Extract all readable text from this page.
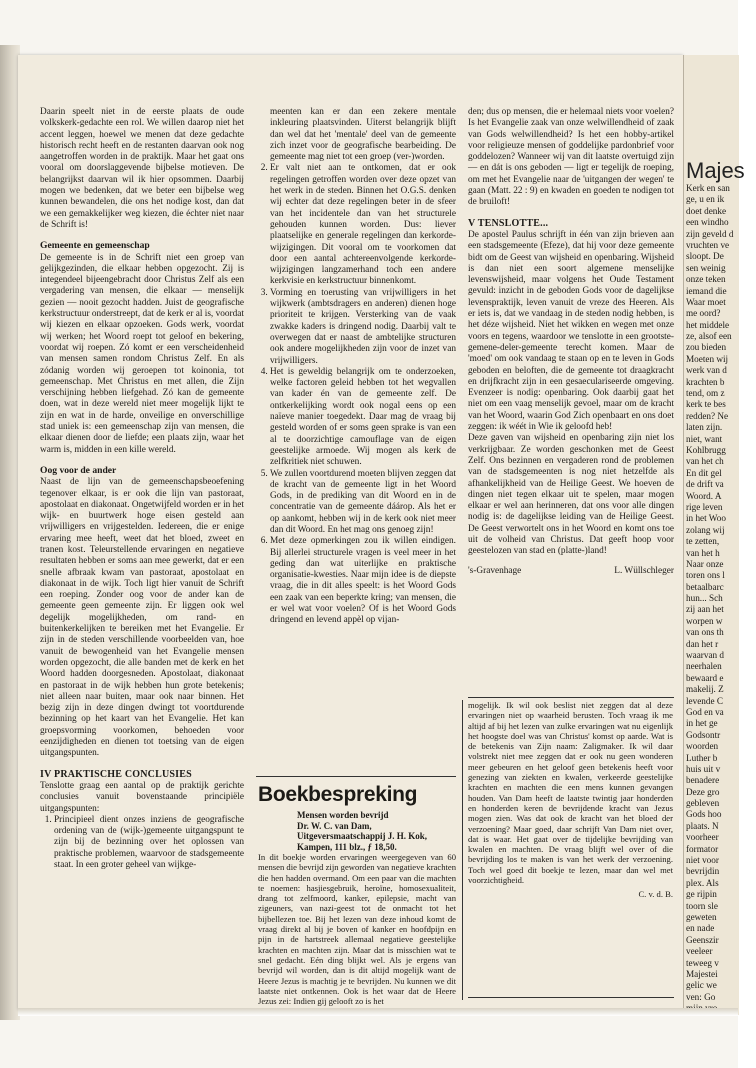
Daarin speelt niet in de eerste plaats de oude volkskerk-gedachte een rol. We willen daarop niet het accent leggen, hoewel we menen dat deze gedachte historisch recht heeft en de restanten daarvan ook nog aangetroffen worden in de praktijk. Maar het gaat ons vooral om doorslaggevende bijbelse motieven. De belangrijkst daarvan wil ik hier opsommen. Daarbij mogen we bedenken, dat we beter een bijbelse weg kunnen bewandelen, die ons het nodige kost, dan dat we een gemakkelijker weg kiezen, die échter niet naar de Schrift is!

Gemeente en gemeenschap

De gemeente is in de Schrift niet een groep van gelijkgezinden, die elkaar hebben opgezocht. Zij is integendeel bijeengebracht door Christus Zelf als een vergadering van mensen, die elkaar — menselijk gezien — nooit gezocht hadden. Juist de geografische kerkstructuur onderstreept, dat de kerk er al is, voordat wij kiezen en elkaar opzoeken. Gods werk, voordat wij werken; het Woord roept tot geloof en bekering, voordat wij roepen. Zó komt er een verscheidenheid van mensen samen rondom Christus Zelf. En als zódanig worden wij geroepen tot koinonia, tot gemeenschap. Met Christus en met allen, die Zijn verschijning hebben liefgehad. Zó kan de gemeente doen, wat in deze wereld niet meer mogelijk lijkt te zijn en wat in de harde, onveilige en onverschillige stad uniek is: een gemeenschap zijn van mensen, die elkaar dienen door de liefde; een plaats zijn, waar het warm is, midden in een kille wereld.

Oog voor de ander

Naast de lijn van de gemeenschapsbeoefening tegenover elkaar, is er ook die lijn van pastoraat, apostolaat en diakonaat. Ongetwijfeld worden er in het wijk- en buurtwerk hoge eisen gesteld aan vrijwilligers en vrijgestelden. Iedereen, die er enige ervaring mee heeft, weet dat het bloed, zweet en tranen kost. Teleurstellende ervaringen en negatieve resultaten hebben er soms aan mee gewerkt, dat er een snelle afbraak kwam van pastoraat, apostolaat en diakonaat in de wijk. Toch ligt hier vanuit de Schrift een roeping. Zonder oog voor de ander kan de gemeente geen gemeente zijn. Er liggen ook wel degelijk mogelijkheden, om rand- en buitenkerkelijken te bereiken met het Evangelie. Er zijn in de steden verschillende voorbeelden van, hoe vanuit de bewogenheid van het Evangelie mensen worden opgezocht, die alle banden met de kerk en het Woord hadden doorgesneden. Apostolaat, diakonaat en pastoraat in de wijk hebben hun grote betekenis; niet alleen naar buiten, maar ook naar binnen. Het bezig zijn in deze dingen dwingt tot voortdurende bezinning op het kaart van het Evangelie. Het kan groepsvorming voorkomen, behoeden voor eenzijdigheden en dienen tot toetsing van de eigen uitgangspunten.

IV PRAKTISCHE CONCLUSIES

Tenslotte graag een aantal op de praktijk gerichte conclusies vanuit bovenstaande principiële uitgangspunten:

1. Principieel dient onzes inziens de geografische ordening van de (wijk-)gemeente uitgangspunt te zijn bij de bezinning over het oplossen van praktische problemen, waarvoor de stadsgemeente staat. In een groter geheel van wijkge-

meenten kan er dan een zekere mentale inkleuring plaatsvinden. Uiterst belangrijk blijft dan wel dat het 'mentale' deel van de gemeente zich inzet voor de geografische bearbeiding. De gemeente mag niet tot een groep (ver-)worden.

2. Er valt niet aan te ontkomen, dat er ook regelingen getroffen worden over deze opzet van het werk in de steden. Binnen het O.G.S. denken wij echter dat deze regelingen beter in de sfeer van het incidentele dan van het structurele gehouden kunnen worden. Dus: liever plaatselijke en generale regelingen dan kerkorde-wijzigingen. Dit vooral om te voorkomen dat door een aantal achtereenvolgende kerkorde-wijzigingen langzamerhand toch een andere kerkvisie en kerkstructuur binnenkomt.
3. Vorming en toerusting van vrijwilligers in het wijkwerk (ambtsdragers en anderen) dienen hoge prioriteit te krijgen. Versterking van de vaak zwakke kaders is dringend nodig. Daarbij valt te overwegen dat er naast de ambtelijke structuren ook andere mogelijkheden zijn voor de inzet van vrijwilligers.
4. Het is geweldig belangrijk om te onderzoeken, welke factoren geleid hebben tot het wegvallen van kader én van de gemeente zelf. De ontkerkelijking wordt ook nogal eens op een naïeve manier toegedekt. Daar mag de vraag bij gesteld worden of er soms geen sprake is van een al te doorzichtige camouflage van de eigen geestelijke armoede. Wij mogen als kerk de zelfkritiek niet schuwen.
5. We zullen voortdurend moeten blijven zeggen dat de kracht van de gemeente ligt in het Woord Gods, in de prediking van dit Woord en in de concentratie van de gemeente dáárop. Als het er op aankomt, hebben wij in de kerk ook niet meer dan dit Woord. En het mag ons genoeg zijn!
6. Met deze opmerkingen zou ik willen eindigen. Bij allerlei structurele vragen is veel meer in het geding dan wat uiterlijke en praktische organisatie-kwesties. Naar mijn idee is de diepste vraag, die in dit alles speelt: is het Woord Gods een zaak van een beperkte kring; van mensen, die er wel wat voor voelen? Of is het Woord Gods dringend en levend appèl op vijan-

den; dus op mensen, die er helemaal niets voor voelen? Is het Evangelie zaak van onze welwillendheid of zaak van Gods welwillendheid? Is het een hobby-artikel voor religieuze mensen of goddelijke pardonbrief voor goddelozen? Wanneer wij van dit laatste overtuigd zijn — en dát is ons geboden — ligt er tegelijk de roeping, om met het Evangelie naar de 'uitgangen der wegen' te gaan (Matt. 22 : 9) en kwaden en goeden te nodigen tot de bruiloft!

V TENSLOTTE...

De apostel Paulus schrijft in één van zijn brieven aan een stadsgemeente (Efeze), dat hij voor deze gemeente bidt om de Geest van wijsheid en openbaring. Wijsheid is dan niet een soort algemene menselijke levenswijsheid, maar volgens het Oude Testament gevuld: inzicht in de geboden Gods voor de dagelijkse levenspraktijk, leven vanuit de vreze des Heeren. Als er iets is, dat we vandaag in de steden nodig hebben, is het déze wijsheid. Niet het wikken en wegen met onze voors en tegens, waardoor we tenslotte in een grootste-gemene-deler-gemeente terecht komen. Maar de 'moed' om ook vandaag te staan op en te leven in Gods geboden en beloften, die de gemeente tot draagkracht en drijfkracht zijn in een gesaeculariseerde omgeving. Evenzeer is nodig: openbaring. Ook daarbij gaat het niet om een vaag menselijk gevoel, maar om de kracht van het Woord, waarin God Zich openbaart en ons doet zeggen: ik wéét in Wie ik geloofd heb!

Deze gaven van wijsheid en openbaring zijn niet los verkrijgbaar. Ze worden geschonken met de Geest Zelf. Ons bezinnen en vergaderen rond de problemen van de stadsgemeenten is nog niet hetzelfde als afhankelijkheid van de Heilige Geest. We hoeven de dingen niet tegen elkaar uit te spelen, maar mogen elkaar er wel aan herinneren, dat ons voor alle dingen nodig is: de dagelijkse leiding van de Heilige Geest. De Geest verwortelt ons in het Woord en komt ons toe uit de volheid van Christus. Dat geeft hoop voor geestelozen van stad en (platte-)land!

's-Gravenhage	L. Wüllschleger
Boekbespreking
Mensen worden bevrijd
Dr. W. C. van Dam, Uitgeversmaatschappij J. H. Kok, Kampen, 111 blz., ƒ 18,50.
In dit boekje worden ervaringen weergegeven van 60 mensen die bevrijd zijn geworden van negatieve krachten die hen hadden overmand. Om een paar van die machten te noemen: hasjiesgebruik, heroïne, homosexualiteit, drang tot zelfmoord, kanker, epilepsie, macht van zigeuners, van nazi-geest tot de onmacht tot het bijbellezen toe. Bij het lezen van deze inhoud komt de vraag direkt al bij je boven of kanker en hoofdpijn en pijn in de hartstreek allemaal negatieve geestelijke krachten en machten zijn. Maar dat is misschien wat te snel gedacht. Eén ding blijkt wel. Als je ergens van bevrijd wil worden, dan is dit altijd mogelijk want de Heere Jezus is machtig je te bevrijden. Nu kunnen we dit laatste niet ontkennen. Ook is het waar dat de Heere Jezus zei: Indien gij gelooft zo is het
mogelijk. Ik wil ook beslist niet zeggen dat al deze ervaringen niet op waarheid berusten. Toch vraag ik me altijd af bij het lezen van zulke ervaringen wat nu eigenlijk het hoogste doel was van Christus' komst op aarde. Wat is de betekenis van Zijn naam: Zaligmaker. Ik wil daar volstrekt niet mee zeggen dat er ook nu geen wonderen meer gebeuren en het geloof geen betekenis heeft voor genezing van ziekten en kwalen, verkeerde geestelijke krachten en machten die een mens kunnen gevangen houden. Van Dam heeft de laatste twintig jaar honderden en honderden keren de bevrijdende kracht van Jezus mogen zien. Was dat ook de kracht van het bloed der verzoening? Maar goed, daar schrijft Van Dam niet over, dat is waar. Het gaat over de tijdelijke bevrijding van kwalen en machten. De vraag blijft wel over of die bevrijding los te maken is van het werk der verzoening. Toch wel goed dit boekje te lezen, maar dan wel met voorzichtigheid.
C. v. d. B.
Majes
Kerk en san
ge, u en ik
doet denke
een windho
zijn geveld d
vruchten ve
sloopt. De
sen weinig
onze teken
iemand die
Waar moet
me oord?
het middele
ze, alsof een
zou bieden
Moeten wij
werk van d
krachten b
tend, om z
kerk te bes
redden? Ne
laten zijn.
niet, want
Kohlbrugg
van het ch
En dit gel
de drift va
Woord. A
rige leven
in het Woo
zolang wij
te zetten,
van het h
Naar onze
toren ons l
betaalbarc
hun... Sch
zij aan het
worpen w
van ons th
dan het r
waarvan d
neerhalen
bewaard e
makelij. Z
levende C
God en va
in het ge
Godsontr
woorden
Luther b
huis uit v
benadere
Deze gro
gebleven
Gods hoo
plaats. N
voorheer
formator
niet voor
bevrijdin
plex. Als
ge rijpin
toorn sle
geweten
en nade
Geenszir
veeleer
teweeg v
Majestei
gelic we
ven: Go
